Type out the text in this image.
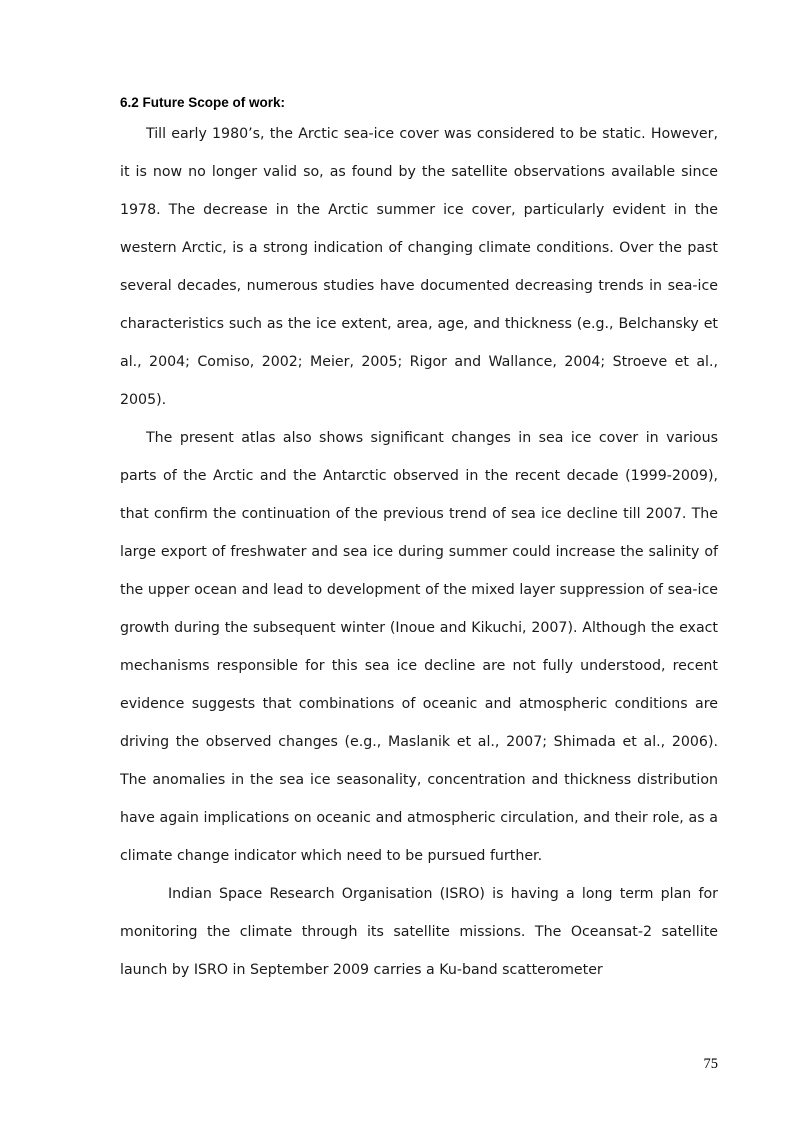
6.2 Future Scope of work:

Till early 1980’s, the Arctic sea-ice cover was considered to be static. However, it is now no longer valid so, as found by the satellite observations available since 1978. The decrease in the Arctic summer ice cover, particularly evident in the western Arctic, is a strong indication of changing climate conditions. Over the past several decades, numerous studies have documented decreasing trends in sea-ice characteristics such as the ice extent, area, age, and thickness (e.g., Belchansky et al., 2004; Comiso, 2002; Meier, 2005; Rigor and Wallance, 2004; Stroeve et al., 2005).

The present atlas also shows significant changes in sea ice cover in various parts of the Arctic and the Antarctic observed in the recent decade (1999-2009), that confirm the continuation of the previous trend of sea ice decline till 2007. The large export of freshwater and sea ice during summer could increase the salinity of the upper ocean and lead to development of the mixed layer suppression of sea-ice growth during the subsequent winter (Inoue and Kikuchi, 2007). Although the exact mechanisms responsible for this sea ice decline are not fully understood, recent evidence suggests that combinations of oceanic and atmospheric conditions are driving the observed changes (e.g., Maslanik et al., 2007; Shimada et al., 2006). The anomalies in the sea ice seasonality, concentration and thickness distribution have again implications on oceanic and atmospheric circulation, and their role, as a climate change indicator which need to be pursued further.

Indian Space Research Organisation (ISRO) is having a long term plan for monitoring the climate through its satellite missions. The Oceansat-2 satellite launch by ISRO in September 2009 carries a Ku-band scatterometer

75
